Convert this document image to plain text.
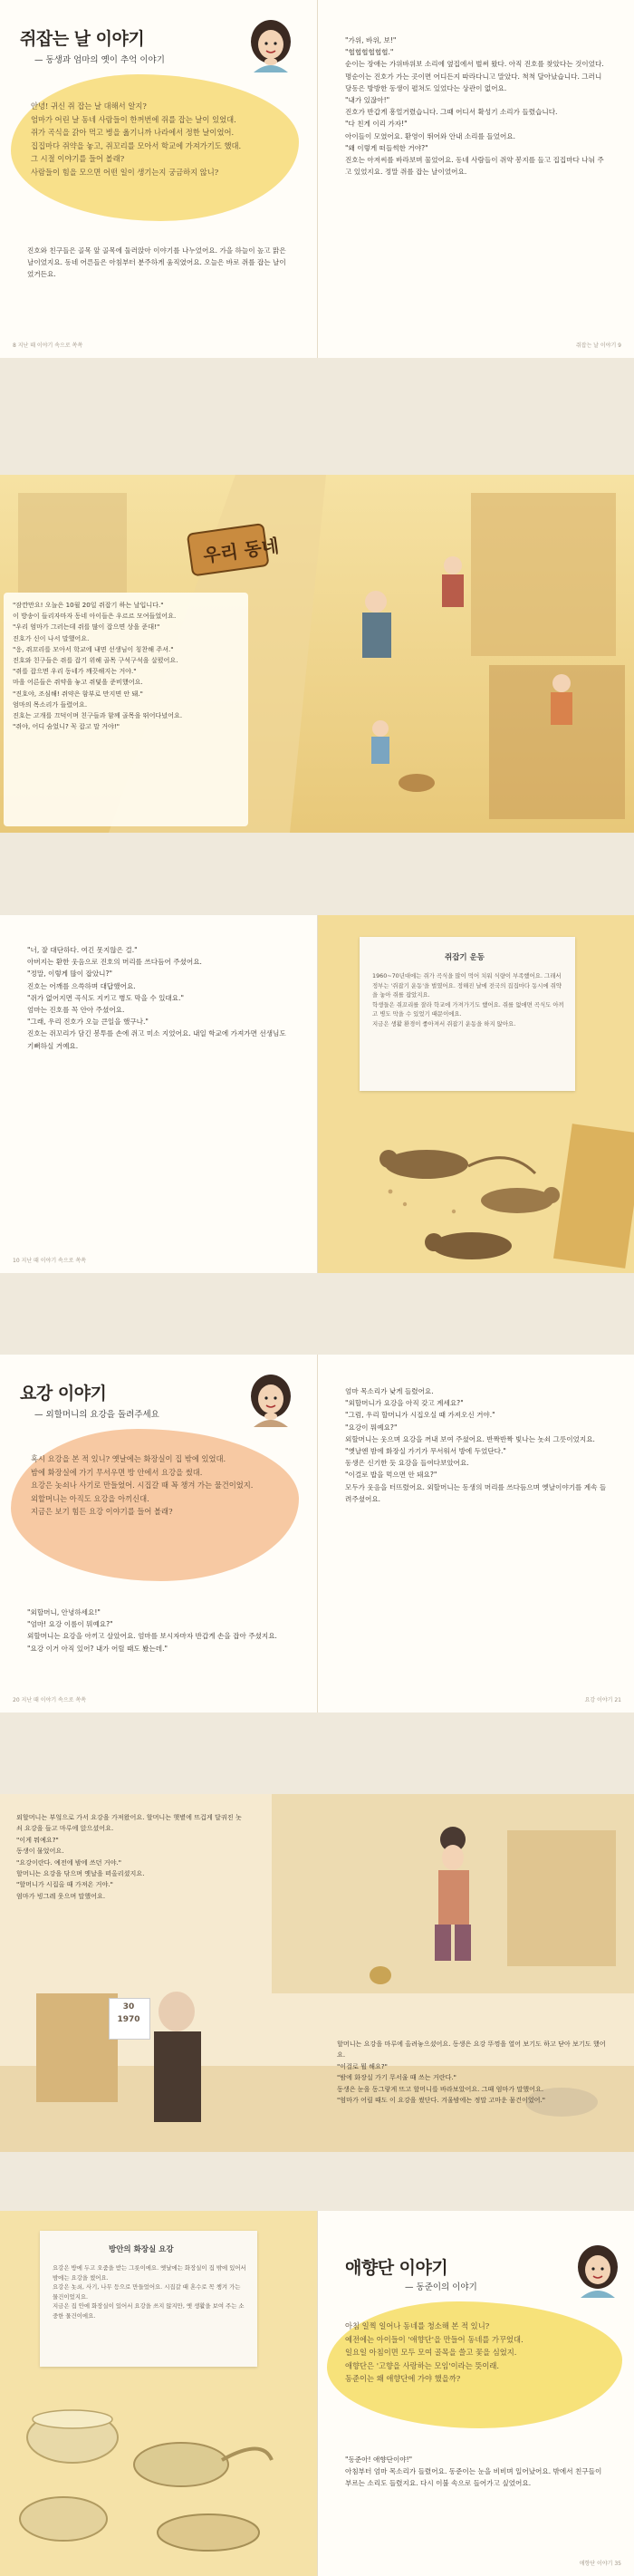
쥐잡는 날 이야기
— 동생과 엄마의 옛이 추억 이야기
안녕! 귀신 쥐 잡는 날 대해서 알지?
엄마가 어린 날 동네 사람들이 한꺼번에 쥐를 잡는 날이 있었대.
쥐가 곡식을 갉아 먹고 병을 옮기니까 나라에서 정한 날이었어.
집집마다 쥐약을 놓고, 쥐꼬리를 모아서 학교에 가져가기도 했대.
그 시절 이야기를 들어 볼래?
사람들이 힘을 모으면 어떤 일이 생기는지 궁금하지 않니?
진호와 친구들은 골목 앞 골목에 둘러앉아 이야기를 나누었어요. 가을 하늘이 높고 맑은 날이었지요. 동네 어른들은 아침부터 분주하게 움직였어요. 오늘은 바로 쥐를 잡는 날이었거든요.
8 지난 때 이야기 속으로 쏙쏙
"가위, 바위, 보!"
"협협협협협협."
순이는 장애는 가위바위보 소리에 옆집에서 벌써 왔다. 아직 진호를 찾았다는 것이었다.
명순이는 진호가 가는 곳이면 어디든지 따라다니고 말았다. 척척 달아났습니다. 그러니 당동은 방방한 동생이 펼쳐도 있었다는 상관이 없어요.
"내가 있잖아!"
진호가 반갑게 흥얼거렸습니다. 그때 어디서 확성기 소리가 들렸습니다.
"다 친게 이리 가자!"
아이들이 모였어요. 환영이 뛰어와 안내 소리를 들었어요.
"왜 이렇게 떠들썩한 거야?"
진호는 아저씨를 바라보며 물었어요. 동네 사람들이 쥐약 봉지를 들고 집집마다 나눠 주고 있었지요. 정말 쥐를 잡는 날이었어요.
쥐잡는 날 이야기 9
우리 동네
"잠깐만요! 오늘은 10월 20일 쥐잡기 하는 날입니다."
이 방송이 들리자마자 동네 아이들은 우르르 모여들었어요.
"우리 엄마가 그러는데 쥐를 많이 잡으면 상을 준대!"
진호가 신이 나서 말했어요.
"응, 쥐꼬리를 모아서 학교에 내면 선생님이 칭찬해 주셔."
진호와 친구들은 쥐를 잡기 위해 골목 구석구석을 살폈어요.
"쥐를 잡으면 우리 동네가 깨끗해지는 거야."
마을 어른들은 쥐약을 놓고 쥐덫을 준비했어요.
"진호야, 조심해! 쥐약은 함부로 만지면 안 돼."
엄마의 목소리가 들렸어요.
진호는 고개를 끄덕이며 친구들과 함께 골목을 뛰어다녔어요.
"쥐야, 어디 숨었니? 꼭 잡고 말 거야!"
"너, 잘 대단하다. 여긴 못지않은 걸."
아버지는 환한 웃음으로 진호의 머리를 쓰다듬어 주셨어요.
"정말, 이렇게 많이 잡았니?"
진호는 어깨를 으쓱하며 대답했어요.
"쥐가 없어지면 곡식도 지키고 병도 막을 수 있대요."
엄마는 진호를 꼭 안아 주셨어요.
"그래, 우리 진호가 오늘 큰일을 했구나."
진호는 쥐꼬리가 담긴 봉투를 손에 쥐고 미소 지었어요. 내일 학교에 가져가면 선생님도 기뻐하실 거예요.
10 지난 때 이야기 속으로 쏙쏙
쥐잡기 운동
1960~70년대에는 쥐가 곡식을 많이 먹어 치워 식량이 부족했어요. 그래서 정부는 '쥐잡기 운동'을 벌였어요. 정해진 날에 전국의 집집마다 동시에 쥐약을 놓아 쥐를 잡았지요.
학생들은 쥐꼬리를 잘라 학교에 가져가기도 했어요. 쥐를 없애면 곡식도 아끼고 병도 막을 수 있었기 때문이에요.
지금은 생활 환경이 좋아져서 쥐잡기 운동을 하지 않아요.
요강 이야기
— 외할머니의 요강을 돌려주세요
혹시 요강을 본 적 있니? 옛날에는 화장실이 집 밖에 있었대.
밤에 화장실에 가기 무서우면 방 안에서 요강을 썼대.
요강은 놋쇠나 사기로 만들었어. 시집갈 때 꼭 챙겨 가는 물건이었지.
외할머니는 아직도 요강을 아끼신대.
지금은 보기 힘든 요강 이야기를 들어 볼래?
"외할머니, 안녕하세요!"
"엄마! 요강 이름이 뭐예요?"
외할머니는 요강을 아끼고 살았어요. 엄마를 보시자마자 반갑게 손을 잡아 주셨지요.
"요강 이거 아직 있어? 내가 어릴 때도 봤는데."
20 지난 때 이야기 속으로 쏙쏙
엄마 목소리가 낮게 들렸어요.
"외할머니가 요강을 아직 갖고 계세요?"
"그럼, 우리 할머니가 시집오실 때 가져오신 거야."
"요강이 뭐예요?"
외할머니는 웃으며 요강을 꺼내 보여 주셨어요. 반짝반짝 빛나는 놋쇠 그릇이었지요.
"옛날엔 밤에 화장실 가기가 무서워서 방에 두었단다."
동생은 신기한 듯 요강을 들여다보았어요.
"이걸로 밥을 먹으면 안 돼요?"
모두가 웃음을 터뜨렸어요. 외할머니는 동생의 머리를 쓰다듬으며 옛날이야기를 계속 들려주셨어요.
요강 이야기 21
외할머니는 부엌으로 가서 요강을 가져왔어요. 할머니는 햇볕에 뜨겁게 달궈진 놋쇠 요강을 들고 마루에 앉으셨어요.
"이게 뭐예요?"
동생이 물었어요.
"요강이란다. 예전에 밤에 쓰던 거야."
할머니는 요강을 닦으며 옛날을 떠올리셨지요.
"할머니가 시집올 때 가져온 거야."
엄마가 빙그레 웃으며 말했어요.
30
1970
할머니는 요강을 마루에 올려놓으셨어요. 동생은 요강 뚜껑을 열어 보기도 하고 닫아 보기도 했어요.
"이걸로 뭘 해요?"
"밤에 화장실 가기 무서울 때 쓰는 거란다."
동생은 눈을 동그랗게 뜨고 할머니를 바라보았어요. 그때 엄마가 말했어요.
"엄마가 어릴 때도 이 요강을 썼단다. 겨울밤에는 정말 고마운 물건이었어."
방안의 화장실 요강
요강은 방에 두고 오줌을 받는 그릇이에요. 옛날에는 화장실이 집 밖에 있어서 밤에는 요강을 썼어요.
요강은 놋쇠, 사기, 나무 등으로 만들었어요. 시집갈 때 혼수로 꼭 챙겨 가는 물건이었지요.
지금은 집 안에 화장실이 있어서 요강을 쓰지 않지만, 옛 생활을 보여 주는 소중한 물건이에요.
애향단 이야기
— 동준이의 이야기
아침 일찍 일어나 동네를 청소해 본 적 있니?
예전에는 아이들이 '애향단'을 만들어 동네를 가꾸었대.
일요일 아침이면 모두 모여 골목을 쓸고 꽃을 심었지.
애향단은 '고향을 사랑하는 모임'이라는 뜻이래.
동준이는 왜 애향단에 가야 했을까?
"동준아! 애향단이야!"
아침부터 엄마 목소리가 들렸어요. 동준이는 눈을 비비며 일어났어요. 밖에서 친구들이 부르는 소리도 들렸지요. 다시 이불 속으로 들어가고 싶었어요.
애향단 이야기 35
